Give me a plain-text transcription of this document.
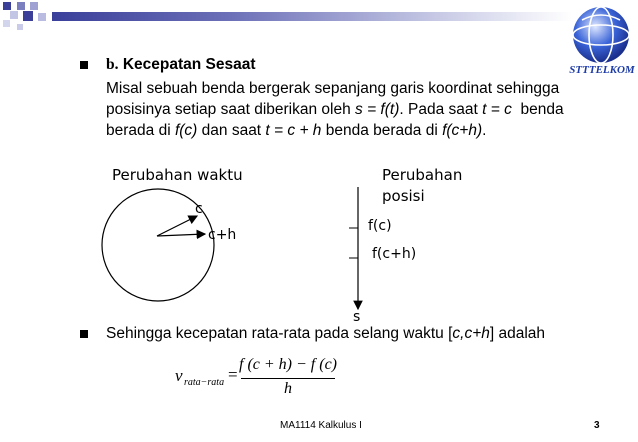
STTTELKOM
b. Kecepatan Sesaat
Misal sebuah benda bergerak sepanjang garis koordinat sehingga
posisinya setiap saat diberikan oleh s = f(t). Pada saat t = c  benda
berada di f(c) dan saat t = c + h benda berada di f(c+h).
Perubahan waktu	Perubahan
posisi
c
c+h
f(c)
f(c+h)
s
Sehingga kecepatan rata-rata pada selang waktu [c,c+h] adalah
v rata−rata =
f (c + h) − f (c)
h
MA1114 Kalkulus I	3
